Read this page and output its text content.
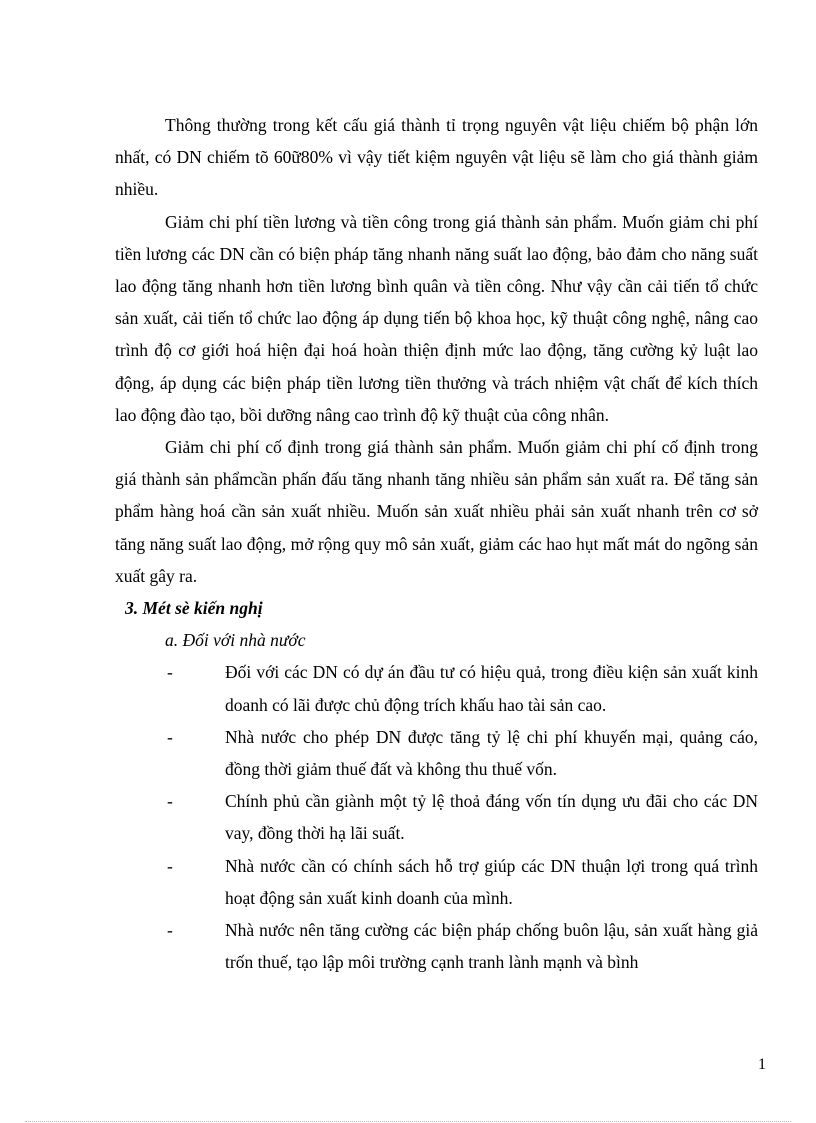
Thông thường trong kết cấu giá thành tỉ trọng nguyên vật liệu chiếm bộ phận lớn nhất, có DN chiếm tõ 60ữ80% vì vậy tiết kiệm nguyên vật liệu sẽ làm cho giá thành giảm nhiều.

Giảm chi phí tiền lương và tiền công trong giá thành sản phẩm. Muốn giảm chi phí tiền lương các DN cần có biện pháp tăng nhanh năng suất lao động, bảo đảm cho năng suất lao động tăng nhanh hơn tiền lương bình quân và tiền công. Như vậy cần cải tiến tổ chức sản xuất, cải tiến tổ chức lao động áp dụng tiến bộ khoa học, kỹ thuật công nghệ, nâng cao trình độ cơ giới hoá hiện đại hoá hoàn thiện định mức lao động, tăng cường kỷ luật lao động, áp dụng các biện pháp tiền lương tiền thưởng và trách nhiệm vật chất để kích thích lao động đào tạo, bồi dưỡng nâng cao trình độ kỹ thuật của công nhân.

Giảm chi phí cố định trong giá thành sản phẩm. Muốn giảm chi phí cố định trong giá thành sản phẩmcần phấn đấu tăng nhanh tăng nhiều sản phẩm sản xuất ra. Để tăng sản phẩm hàng hoá cần sản xuất nhiều. Muốn sản xuất nhiều phải sản xuất nhanh trên cơ sở tăng năng suất lao động, mở rộng quy mô sản xuất, giảm các hao hụt mất mát do ngõng sản xuất gây ra.

3. Mét sè kiến nghị

a. Đối với nhà nước

-	Đối với các DN có dự án đầu tư có hiệu quả, trong điều kiện sản xuất kinh doanh có lãi được chủ động trích khấu hao tài sản cao.
-	Nhà nước cho phép DN được tăng tỷ lệ chi phí khuyến mại, quảng cáo, đồng thời giảm thuế đất và không thu thuế vốn.
-	Chính phủ cần giành một tỷ lệ thoả đáng vốn tín dụng ưu đãi cho các DN vay, đồng thời hạ lãi suất.
-	Nhà nước cần có chính sách hỗ trợ giúp các DN thuận lợi trong quá trình hoạt động sản xuất kinh doanh của mình.
-	Nhà nước nên tăng cường các biện pháp chống buôn lậu, sản xuất hàng giả trốn thuế, tạo lập môi trường cạnh tranh lành mạnh và bình
1
